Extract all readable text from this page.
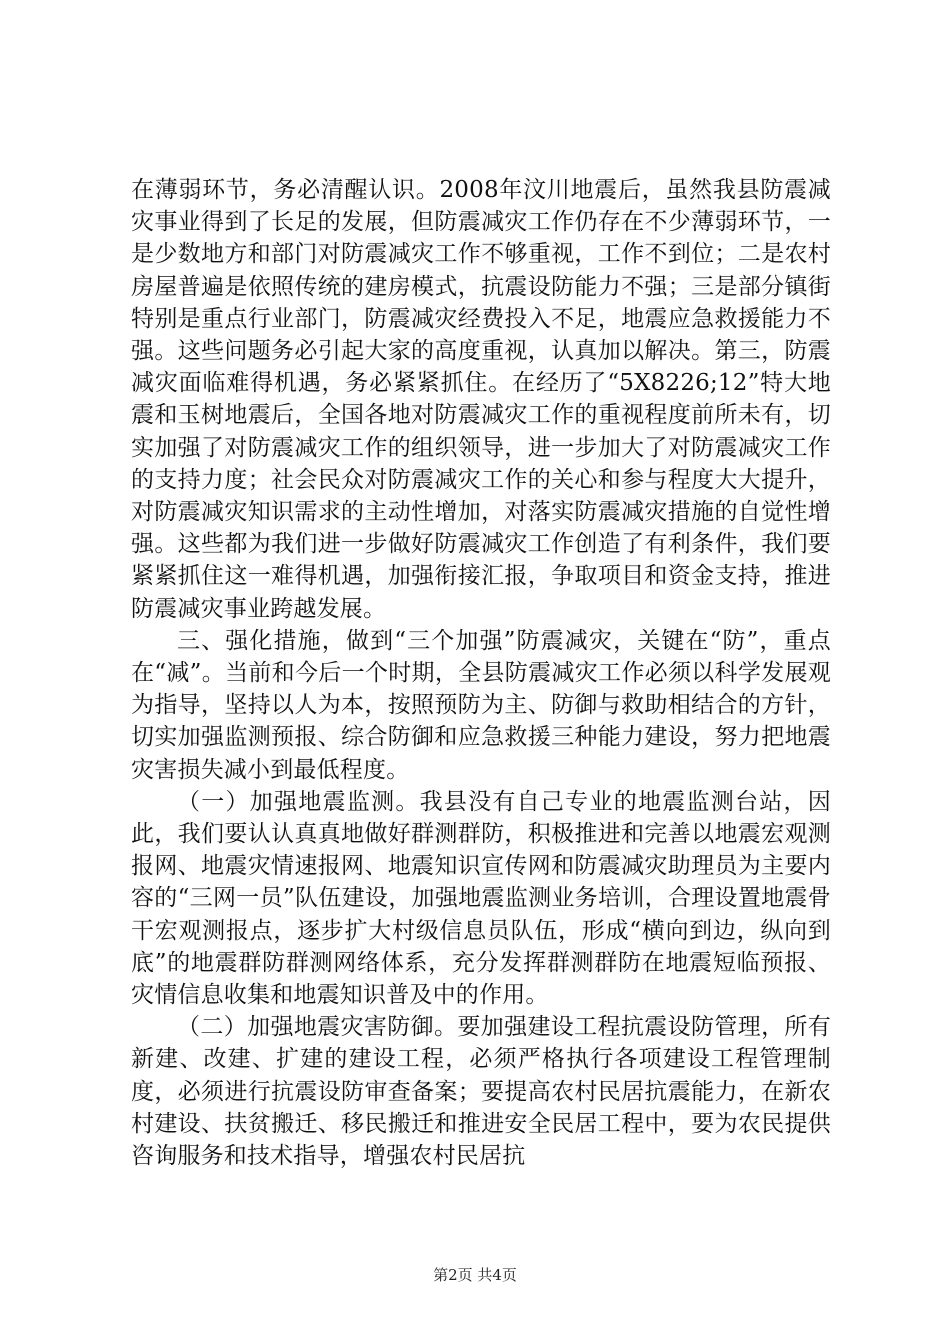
在薄弱环节，务必清醒认识。2008年汶川地震后，虽然我县防震减灾事业得到了长足的发展，但防震减灾工作仍存在不少薄弱环节，一是少数地方和部门对防震减灾工作不够重视，工作不到位；二是农村房屋普遍是依照传统的建房模式，抗震设防能力不强；三是部分镇街特别是重点行业部门，防震减灾经费投入不足，地震应急救援能力不强。这些问题务必引起大家的高度重视，认真加以解决。第三，防震减灾面临难得机遇，务必紧紧抓住。在经历了“5X8226;12”特大地震和玉树地震后，全国各地对防震减灾工作的重视程度前所未有，切实加强了对防震减灾工作的组织领导，进一步加大了对防震减灾工作的支持力度；社会民众对防震减灾工作的关心和参与程度大大提升，对防震减灾知识需求的主动性增加，对落实防震减灾措施的自觉性增强。这些都为我们进一步做好防震减灾工作创造了有利条件，我们要紧紧抓住这一难得机遇，加强衔接汇报，争取项目和资金支持，推进防震减灾事业跨越发展。

三、强化措施，做到“三个加强”防震减灾，关键在“防”，重点在“减”。当前和今后一个时期，全县防震减灾工作必须以科学发展观为指导，坚持以人为本，按照预防为主、防御与救助相结合的方针，切实加强监测预报、综合防御和应急救援三种能力建设，努力把地震灾害损失减小到最低程度。

（一）加强地震监测。我县没有自己专业的地震监测台站，因此，我们要认认真真地做好群测群防，积极推进和完善以地震宏观测报网、地震灾情速报网、地震知识宣传网和防震减灾助理员为主要内容的“三网一员”队伍建设，加强地震监测业务培训，合理设置地震骨干宏观测报点，逐步扩大村级信息员队伍，形成“横向到边，纵向到底”的地震群防群测网络体系，充分发挥群测群防在地震短临预报、灾情信息收集和地震知识普及中的作用。

（二）加强地震灾害防御。要加强建设工程抗震设防管理，所有新建、改建、扩建的建设工程，必须严格执行各项建设工程管理制度，必须进行抗震设防审查备案；要提高农村民居抗震能力，在新农村建设、扶贫搬迁、移民搬迁和推进安全民居工程中，要为农民提供咨询服务和技术指导，增强农村民居抗

第2页 共4页
